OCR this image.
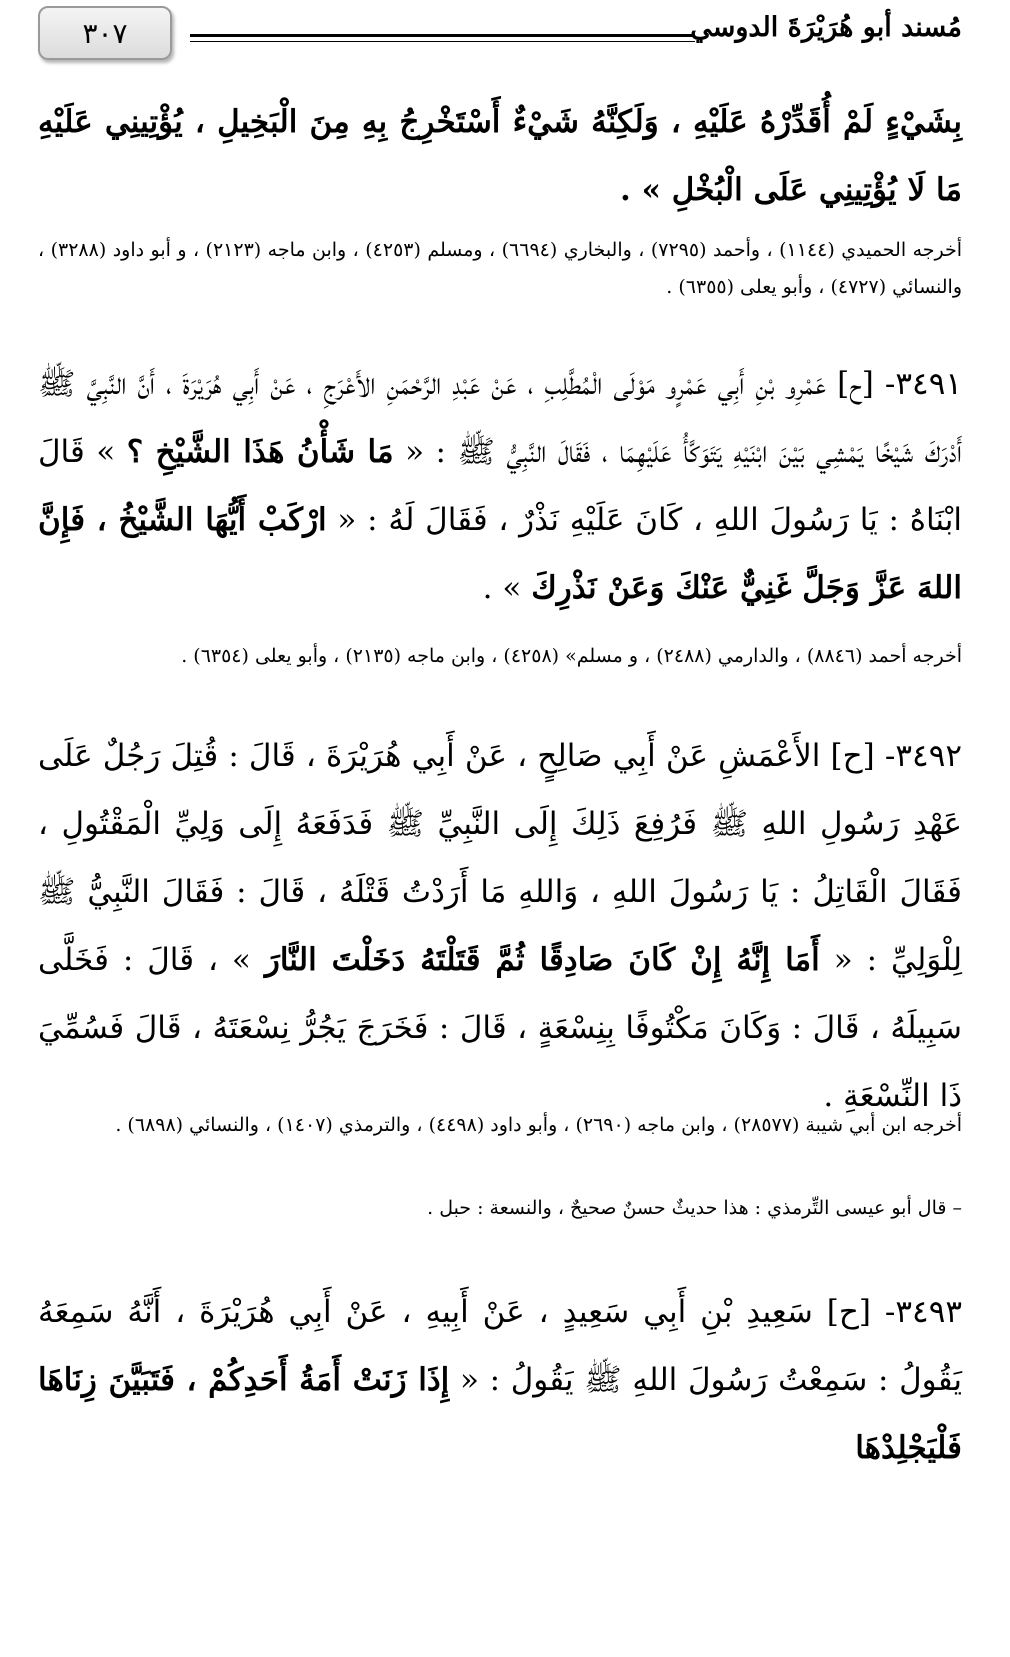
٣٠٧	مُسند أبو هُرَيْرَةَ الدوسي
بِشَيْءٍ لَمْ أُقَدِّرْهُ عَلَيْهِ ، وَلَكِنَّهُ شَيْءٌ أَسْتَخْرِجُ بِهِ مِنَ الْبَخِيلِ ، يُؤْتِينِي عَلَيْهِ مَا لَا يُؤْتِينِي عَلَى الْبُخْلِ » .
أخرجه الحميدي (١١٤٤) ، وأحمد (٧٢٩٥) ، والبخاري (٦٦٩٤) ، ومسلم (٤٢٥٣) ، وابن ماجه (٢١٢٣) ، و أبو داود (٣٢٨٨) ، والنسائي (٤٧٢٧) ، وأبو يعلى (٦٣٥٥) .
٣٤٩١- [ح] عَمْرِو بْنِ أَبِي عَمْرٍو مَوْلَى الْمُطَّلِبِ ، عَنْ عَبْدِ الرَّحْمَنِ الأَعْرَجِ ، عَنْ أَبِي هُرَيْرَةَ ، أَنَّ النَّبِيَّ ﷺ أَدْرَكَ شَيْخًا يَمْشِي بَيْنَ ابْنَيْهِ يَتَوَكَّأُ عَلَيْهِمَا ، فَقَالَ النَّبِيُّ ﷺ : « مَا شَأْنُ هَذَا الشَّيْخِ ؟ » قَالَ ابْنَاهُ : يَا رَسُولَ اللهِ ، كَانَ عَلَيْهِ نَذْرٌ ، فَقَالَ لَهُ : « ارْكَبْ أَيُّهَا الشَّيْخُ ، فَإِنَّ اللهَ عَزَّ وَجَلَّ غَنِيٌّ عَنْكَ وَعَنْ نَذْرِكَ » .
أخرجه أحمد (٨٨٤٦) ، والدارمي (٢٤٨٨) ، و مسلم» (٤٢٥٨) ، وابن ماجه (٢١٣٥) ، وأبو يعلى (٦٣٥٤) .
٣٤٩٢- [ح] الأَعْمَشِ عَنْ أَبِي صَالِحٍ ، عَنْ أَبِي هُرَيْرَةَ ، قَالَ : قُتِلَ رَجُلٌ عَلَى عَهْدِ رَسُولِ اللهِ ﷺ فَرُفِعَ ذَلِكَ إِلَى النَّبِيِّ ﷺ فَدَفَعَهُ إِلَى وَلِيِّ الْمَقْتُولِ ، فَقَالَ الْقَاتِلُ : يَا رَسُولَ اللهِ ، وَاللهِ مَا أَرَدْتُ قَتْلَهُ ، قَالَ : فَقَالَ النَّبِيُّ ﷺ لِلْوَلِيِّ : « أَمَا إِنَّهُ إِنْ كَانَ صَادِقًا ثُمَّ قَتَلْتَهُ دَخَلْتَ النَّارَ » ، قَالَ : فَخَلَّى سَبِيلَهُ ، قَالَ : وَكَانَ مَكْتُوفًا بِنِسْعَةٍ ، قَالَ : فَخَرَجَ يَجُرُّ نِسْعَتَهُ ، قَالَ فَسُمِّيَ ذَا النِّسْعَةِ .
أخرجه ابن أبي شيبة (٢٨٥٧٧) ، وابن ماجه (٢٦٩٠) ، وأبو داود (٤٤٩٨) ، والترمذي (١٤٠٧) ، والنسائي (٦٨٩٨) .
– قال أبو عيسى التِّرمذي : هذا حديثٌ حسنٌ صحيحٌ ، والنسعة : حبل .
٣٤٩٣- [ح] سَعِيدِ بْنِ أَبِي سَعِيدٍ ، عَنْ أَبِيهِ ، عَنْ أَبِي هُرَيْرَةَ ، أَنَّهُ سَمِعَهُ يَقُولُ : سَمِعْتُ رَسُولَ اللهِ ﷺ يَقُولُ : « إِذَا زَنَتْ أَمَةُ أَحَدِكُمْ ، فَتَبَيَّنَ زِنَاهَا فَلْيَجْلِدْهَا
